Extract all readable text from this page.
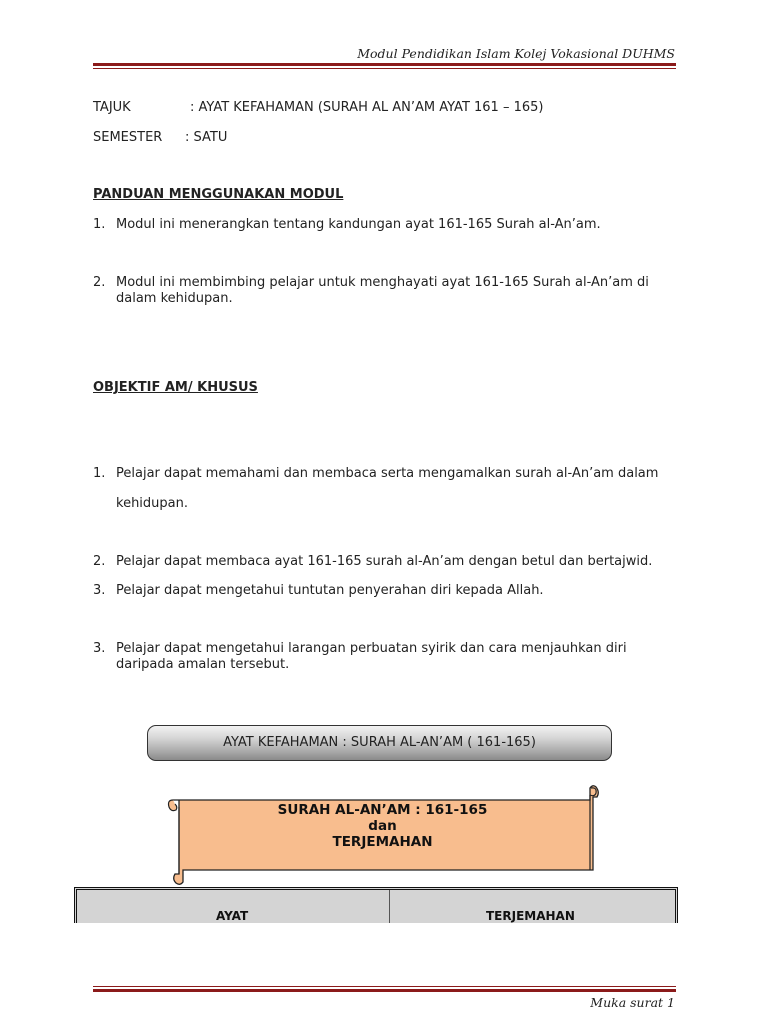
Modul Pendidikan Islam Kolej Vokasional DUHMS
TAJUK	: AYAT KEFAHAMAN (SURAH AL AN’AM AYAT 161 – 165)
SEMESTER : SATU
PANDUAN MENGGUNAKAN MODUL
1. Modul ini menerangkan tentang kandungan ayat 161-165 Surah al-An’am.
2. Modul ini membimbing pelajar untuk menghayati ayat 161-165 Surah al-An’am di dalam kehidupan.
OBJEKTIF AM/ KHUSUS
1. Pelajar dapat memahami dan membaca serta mengamalkan surah al-An’am dalam
kehidupan.
2. Pelajar dapat membaca ayat 161-165 surah al-An’am dengan betul dan bertajwid.
3. Pelajar dapat mengetahui tuntutan penyerahan diri kepada Allah.
3. Pelajar dapat mengetahui larangan perbuatan syirik dan cara menjauhkan diri daripada amalan tersebut.
AYAT KEFAHAMAN : SURAH AL-AN’AM ( 161-165)
SURAH AL-AN’AM : 161-165
dan
TERJEMAHAN
AYAT	TERJEMAHAN
Muka surat 1
